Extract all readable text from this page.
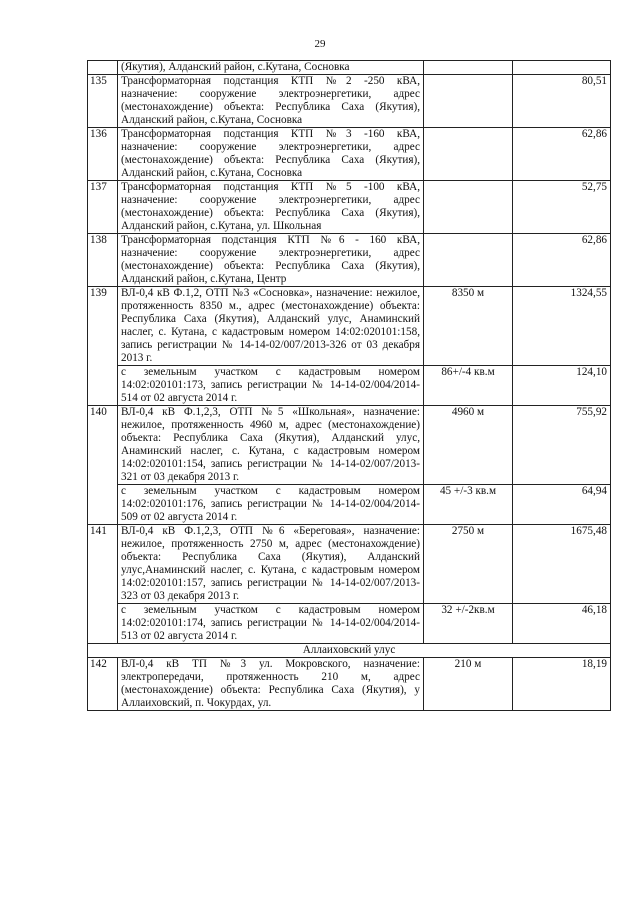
29
	(Якутия), Алданский район, с.Кутана, Сосновка		
135	Трансформаторная подстанция КТП №2 -250 кВА, назначение: сооружение электроэнергетики, адрес (местонахождение) объекта: Республика Саха (Якутия), Алданский район, с.Кутана, Сосновка		80,51
136	Трансформаторная подстанция КТП №3 -160 кВА, назначение: сооружение электроэнергетики, адрес (местонахождение) объекта: Республика Саха (Якутия), Алданский район, с.Кутана, Сосновка		62,86
137	Трансформаторная подстанция КТП №5 -100 кВА, назначение: сооружение электроэнергетики, адрес (местонахождение) объекта: Республика Саха (Якутия), Алданский район, с.Кутана, ул. Школьная		52,75
138	Трансформаторная подстанция КТП №6 - 160 кВА, назначение: сооружение электроэнергетики, адрес (местонахождение) объекта: Республика Саха (Якутия), Алданский район, с.Кутана, Центр		62,86
139	ВЛ-0,4 кВ Ф.1,2, ОТП №3 «Сосновка», назначение: нежилое, протяженность 8350 м., адрес (местонахождение) объекта: Республика Саха (Якутия), Алданский улус, Анаминский наслег, с. Кутана, с кадастровым номером 14:02:020101:158, запись регистрации № 14-14-02/007/2013-326 от 03 декабря 2013 г.	8350 м	1324,55
	с земельным участком с кадастровым номером 14:02:020101:173, запись регистрации № 14-14-02/004/2014-514 от 02 августа 2014 г.	86+/-4 кв.м	124,10
140	ВЛ-0,4 кВ Ф.1,2,3, ОТП №5 «Школьная», назначение: нежилое, протяженность 4960 м, адрес (местонахождение) объекта: Республика Саха (Якутия), Алданский улус, Анаминский наслег, с. Кутана, с кадастровым номером 14:02:020101:154, запись регистрации № 14-14-02/007/2013-321 от 03 декабря 2013 г.	4960 м	755,92
	с земельным участком с кадастровым номером 14:02:020101:176, запись регистрации № 14-14-02/004/2014-509 от 02 августа 2014 г.	45 +/-3 кв.м	64,94
141	ВЛ-0,4 кВ Ф.1,2,3, ОТП №6 «Береговая», назначение: нежилое, протяженность 2750 м, адрес (местонахождение) объекта: Республика Саха (Якутия), Алданский улус,Анаминский наслег, с. Кутана, с кадастровым номером 14:02:020101:157, запись регистрации № 14-14-02/007/2013-323 от 03 декабря 2013 г.	2750 м	1675,48
	с земельным участком с кадастровым номером 14:02:020101:174, запись регистрации № 14-14-02/004/2014-513 от 02 августа 2014 г.	32 +/-2кв.м	46,18
Аллаиховский улус			
142	ВЛ-0,4 кВ ТП №3 ул. Мокровского, назначение: электропередачи, протяженность 210 м, адрес (местонахождение) объекта: Республика Саха (Якутия), у Аллаиховский, п. Чокурдах, ул.	210 м	18,19
